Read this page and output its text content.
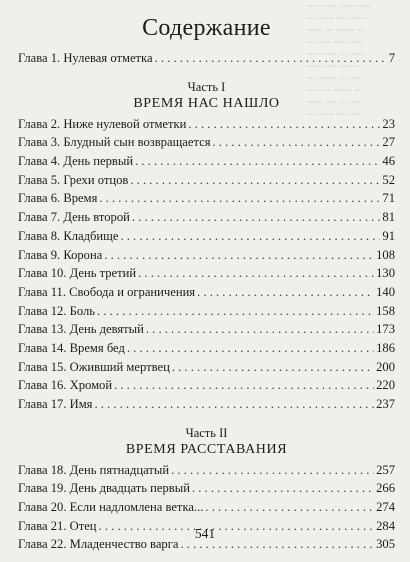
▪▪▪▪ ▪▪▪▪▪ ▪▪▪▪▪▪ ▪▪▪
▪▪▪ ▪▪▪▪▪ ▪▪▪▪ ▪▪▪▪▪
▪▪▪▪▪ ▪▪▪ ▪▪▪▪▪▪ ▪▪
▪▪▪ ▪▪▪▪ ▪▪▪▪▪ ▪▪▪▪
▪▪▪▪ ▪▪▪▪▪ ▪▪▪ ▪▪▪▪
▪▪▪▪▪ ▪▪▪▪ ▪▪▪▪▪▪
▪▪▪ ▪▪▪▪▪▪ ▪▪▪ ▪▪▪
▪▪▪▪ ▪▪▪ ▪▪▪▪▪▪ ▪▪
▪▪▪▪▪ ▪▪▪▪ ▪▪▪ ▪▪▪
▪▪▪ ▪▪▪▪▪ ▪▪▪▪ ▪▪▪
Содержание
Глава 1. Нулевая отметка . . .	7
Часть I
ВРЕМЯ НАС НАШЛО
Глава 2. Ниже нулевой отметки . . .	23
Глава 3. Блудный сын возвращается . . .	27
Глава 4. День первый . . .	46
Глава 5. Грехи отцов . . .	52
Глава 6. Время . . .	71
Глава 7. День второй . . .	81
Глава 8. Кладбище . . .	91
Глава 9. Корона . . .	108
Глава 10. День третий . . .	130
Глава 11. Свобода и ограничения . . .	140
Глава 12. Боль . . .	158
Глава 13. День девятый . . .	173
Глава 14. Время бед . . .	186
Глава 15. Оживший мертвец . . .	200
Глава 16. Хромой . . .	220
Глава 17. Имя . . .	237
Часть II
ВРЕМЯ РАССТАВАНИЯ
Глава 18. День пятнадцатый . . .	257
Глава 19. День двадцать первый . . .	266
Глава 20. Если надломлена ветка... . . .	274
Глава 21. Отец . . .	284
Глава 22. Младенчество варга . . .	305
541
